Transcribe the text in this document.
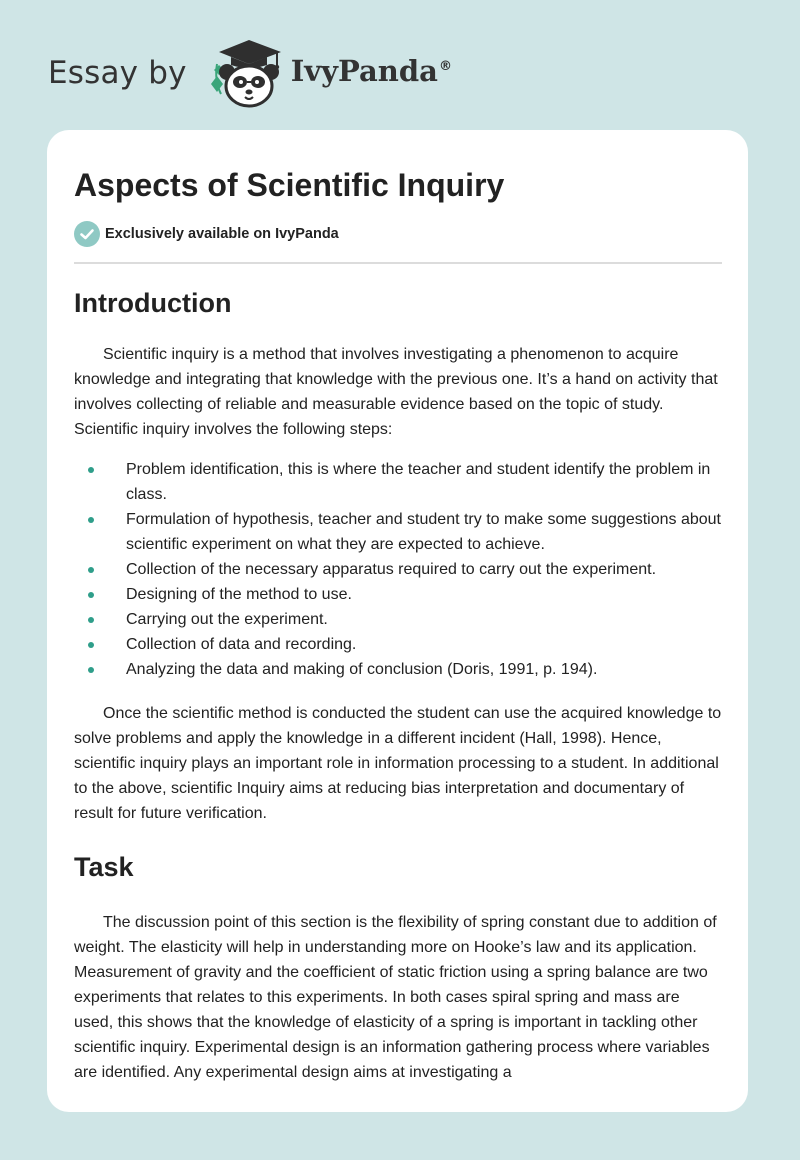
Essay by	IvyPanda®
Aspects of Scientific Inquiry
Exclusively available on IvyPanda
Introduction

Scientific inquiry is a method that involves investigating a phenomenon to acquire knowledge and integrating that knowledge with the previous one. It’s a hand on activity that involves collecting of reliable and measurable evidence based on the topic of study. Scientific inquiry involves the following steps:

Problem identification, this is where the teacher and student identify the problem in class.
Formulation of hypothesis, teacher and student try to make some suggestions about scientific experiment on what they are expected to achieve.
Collection of the necessary apparatus required to carry out the experiment.
Designing of the method to use.
Carrying out the experiment.
Collection of data and recording.
Analyzing the data and making of conclusion (Doris, 1991, p. 194).

Once the scientific method is conducted the student can use the acquired knowledge to solve problems and apply the knowledge in a different incident (Hall, 1998). Hence, scientific inquiry plays an important role in information processing to a student. In additional to the above, scientific Inquiry aims at reducing bias interpretation and documentary of result for future verification.

Task

The discussion point of this section is the flexibility of spring constant due to addition of weight. The elasticity will help in understanding more on Hooke’s law and its application. Measurement of gravity and the coefficient of static friction using a spring balance are two experiments that relates to this experiments. In both cases spiral spring and mass are used, this shows that the knowledge of elasticity of a spring is important in tackling other scientific inquiry. Experimental design is an information gathering process where variables are identified. Any experimental design aims at investigating a
